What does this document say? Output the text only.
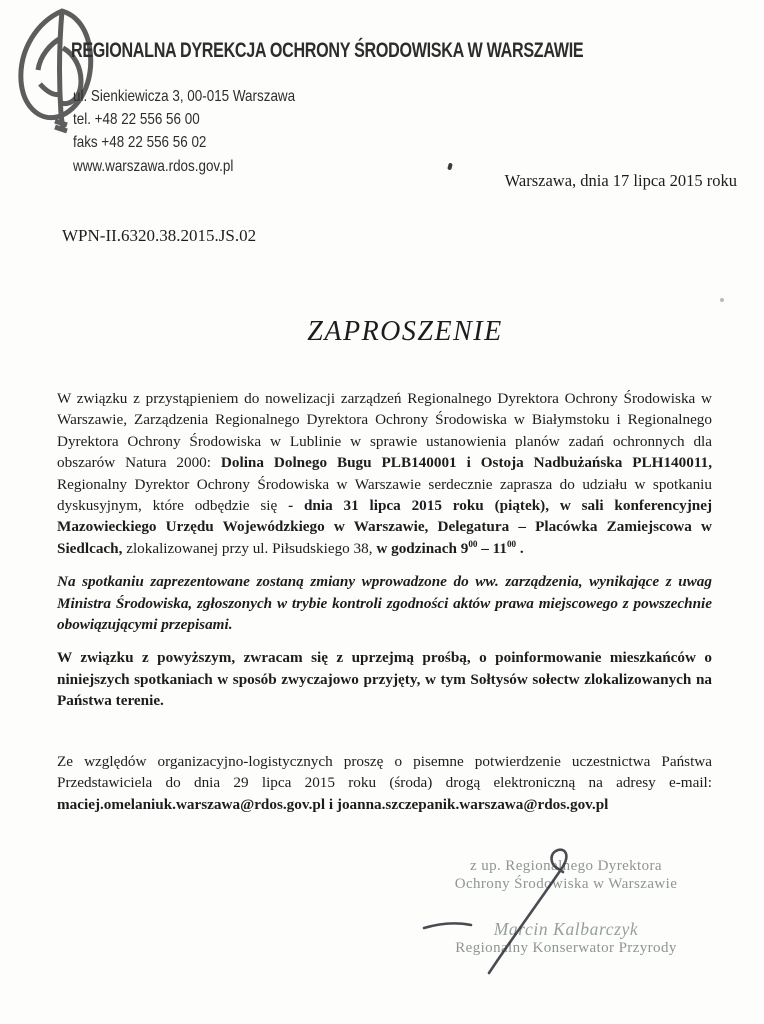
REGIONALNA DYREKCJA OCHRONY ŚRODOWISKA W WARSZAWIE
ul. Sienkiewicza 3, 00-015 Warszawa
tel. +48 22 556 56 00
faks +48 22 556 56 02
www.warszawa.rdos.gov.pl
Warszawa, dnia 17 lipca 2015 roku
WPN-II.6320.38.2015.JS.02
ZAPROSZENIE

W związku z przystąpieniem do nowelizacji zarządzeń Regionalnego Dyrektora Ochrony Środowiska w Warszawie, Zarządzenia Regionalnego Dyrektora Ochrony Środowiska w Białymstoku i Regionalnego Dyrektora Ochrony Środowiska w Lublinie w sprawie ustanowienia planów zadań ochronnych dla obszarów Natura 2000: Dolina Dolnego Bugu PLB140001 i Ostoja Nadbużańska PLH140011, Regionalny Dyrektor Ochrony Środowiska w Warszawie serdecznie zaprasza do udziału w spotkaniu dyskusyjnym, które odbędzie się - dnia 31 lipca 2015 roku (piątek), w sali konferencyjnej Mazowieckiego Urzędu Wojewódzkiego w Warszawie, Delegatura – Placówka Zamiejscowa w Siedlcach, zlokalizowanej przy ul. Piłsudskiego 38, w godzinach $9^{00} - 11^{00}$ .

Na spotkaniu zaprezentowane zostaną zmiany wprowadzone do ww. zarządzenia, wynikające z uwag Ministra Środowiska, zgłoszonych w trybie kontroli zgodności aktów prawa miejscowego z powszechnie obowiązującymi przepisami.

W związku z powyższym, zwracam się z uprzejmą prośbą, o poinformowanie mieszkańców o niniejszych spotkaniach w sposób zwyczajowo przyjęty, w tym Sołtysów sołectw zlokalizowanych na Państwa terenie.

Ze względów organizacyjno-logistycznych proszę o pisemne potwierdzenie uczestnictwa Państwa Przedstawiciela do dnia 29 lipca 2015 roku (środa) drogą elektroniczną na adresy e-mail: maciej.omelaniuk.warszawa@rdos.gov.pl i joanna.szczepanik.warszawa@rdos.gov.pl

z up. Regionalnego Dyrektora
Ochrony Środowiska w Warszawie
Marcin Kalbarczyk
Regionalny Konserwator Przyrody
